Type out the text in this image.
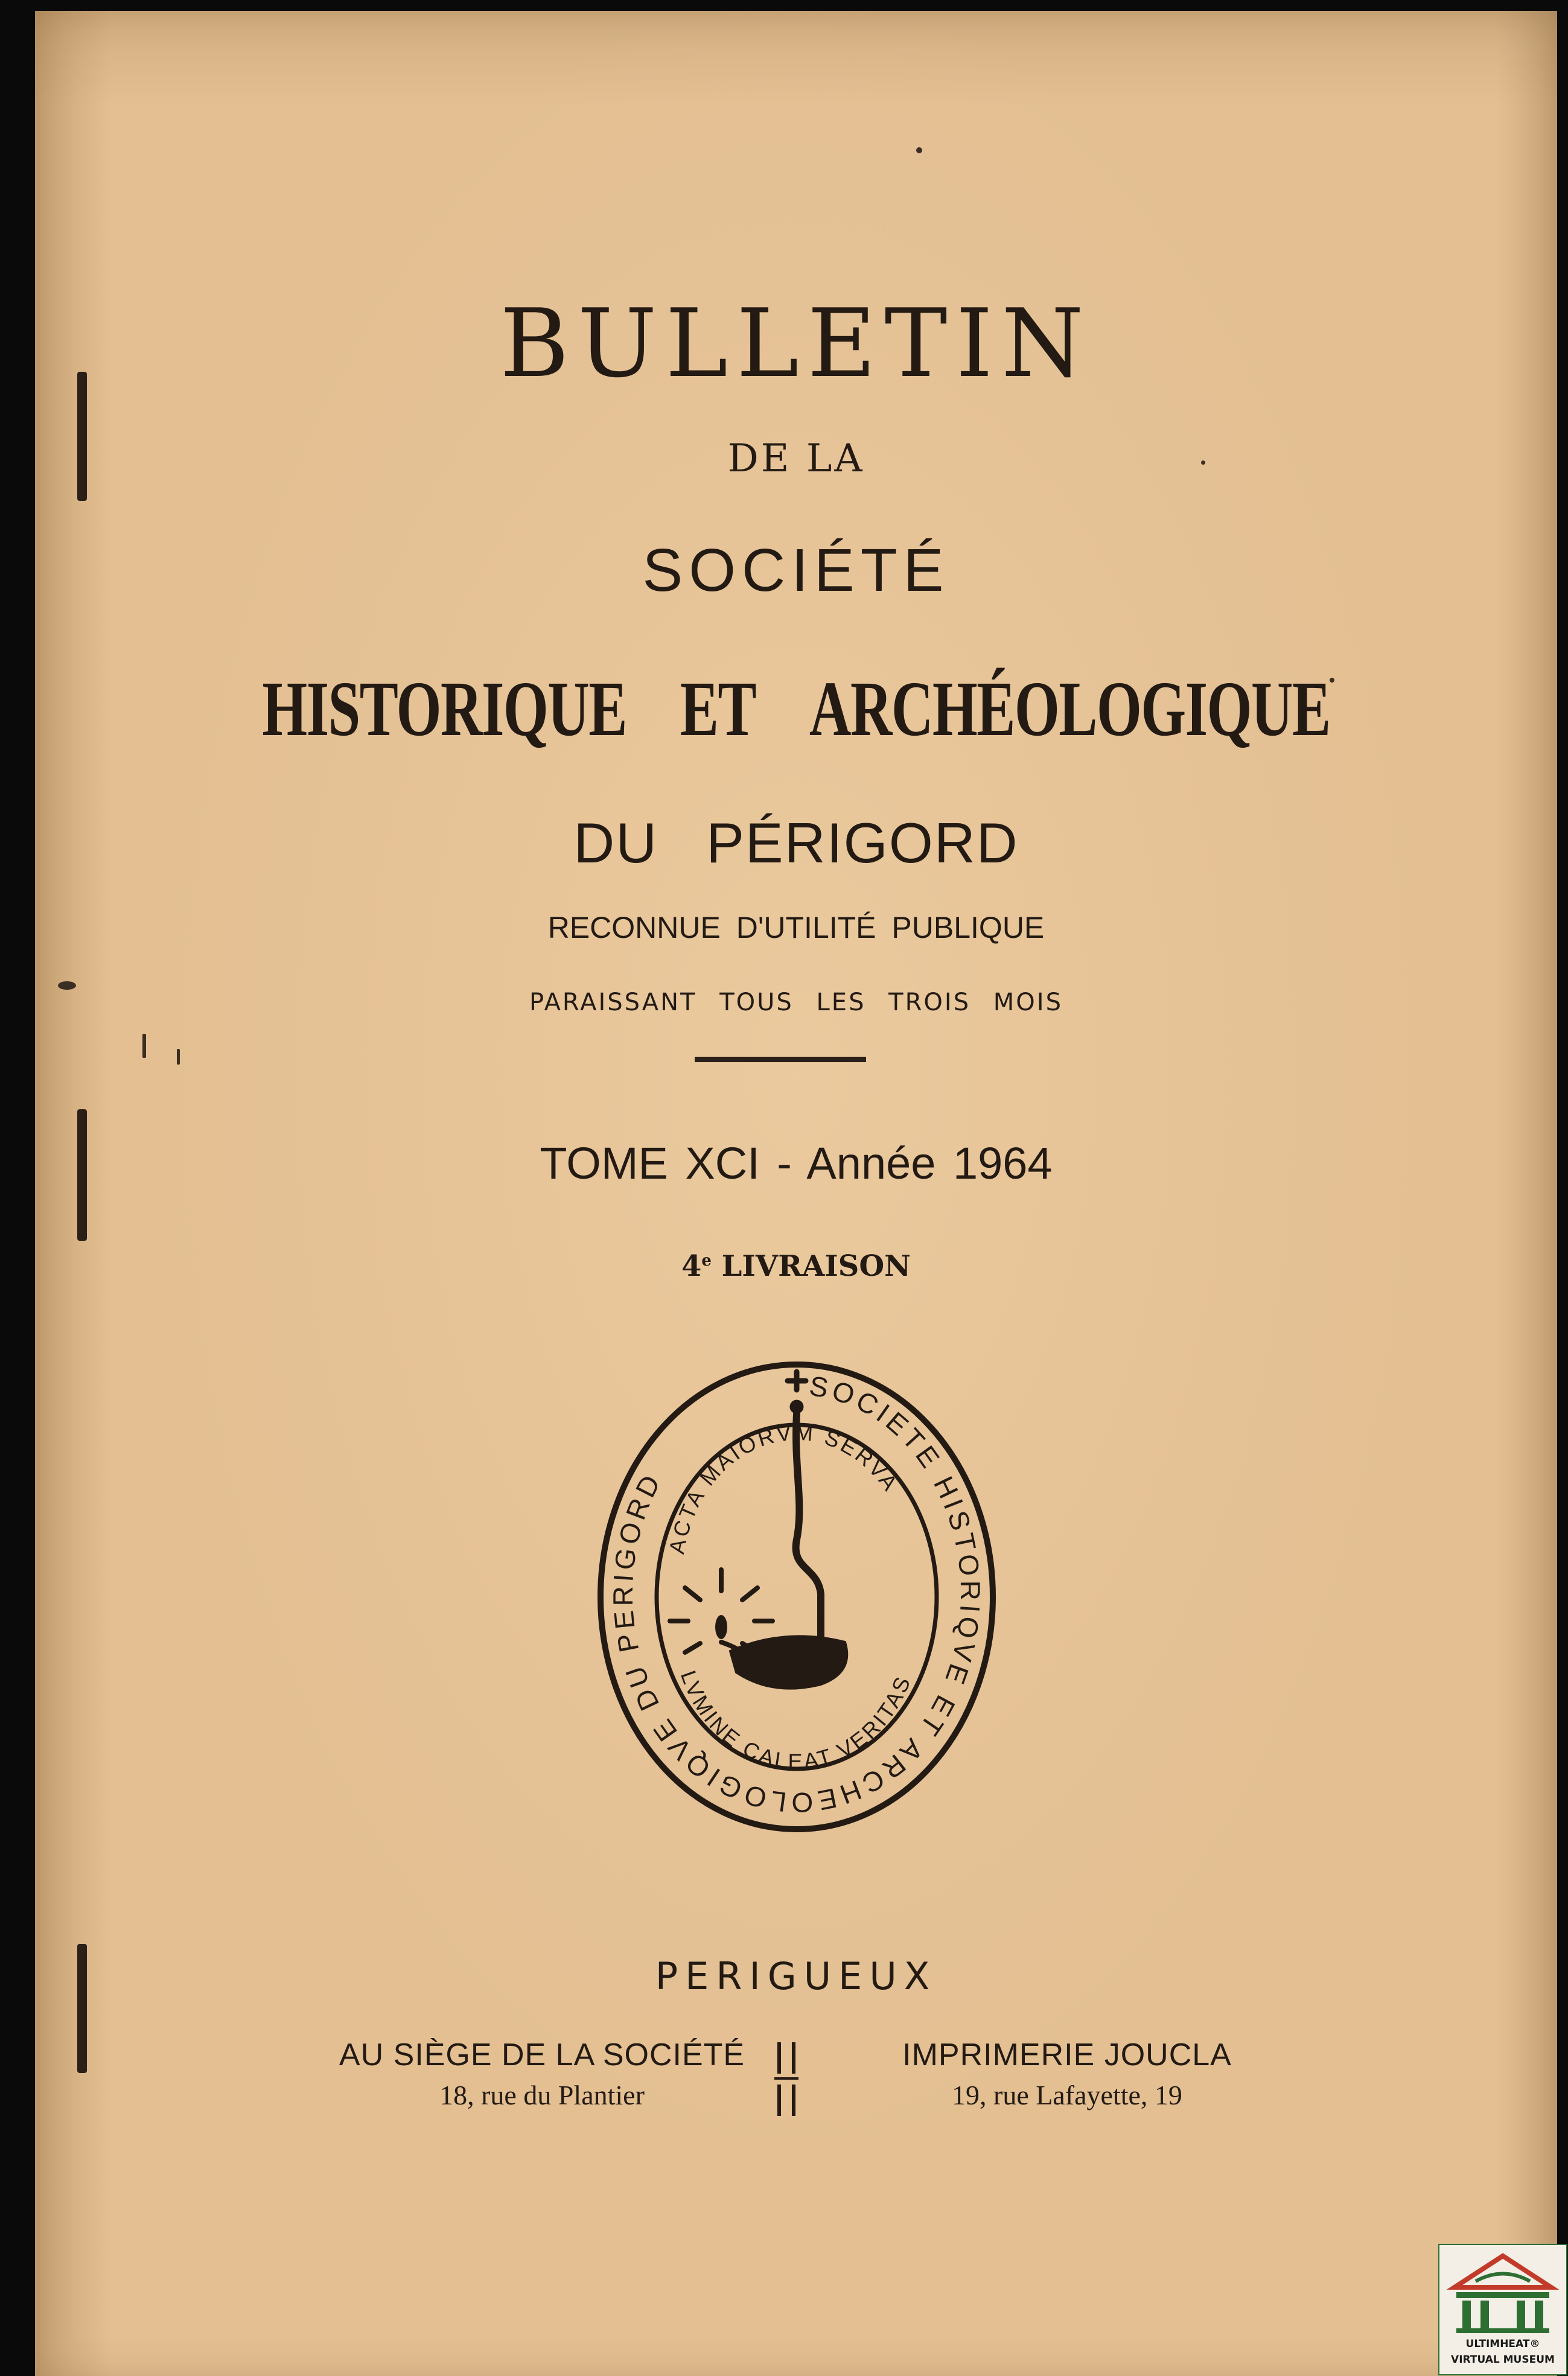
BULLETIN
DE LA
SOCIÉTÉ
HISTORIQUE ET ARCHÉOLOGIQUE
DU PÉRIGORD
RECONNUE D'UTILITÉ PUBLIQUE
PARAISSANT TOUS LES TROIS MOIS
TOME XCI - Année 1964
4e LIVRAISON
SOCIETE HISTORIQVE ET ARCHEOLOGIQVE DU PERIGORD
ACTA MAIORVM SERVA
LVMINE CALEAT VERITAS
PERIGUEUX
AU SIÈGE DE LA SOCIÉTÉ
18, rue du Plantier
IMPRIMERIE JOUCLA
19, rue Lafayette, 19
ULTIMHEAT®
VIRTUAL MUSEUM
